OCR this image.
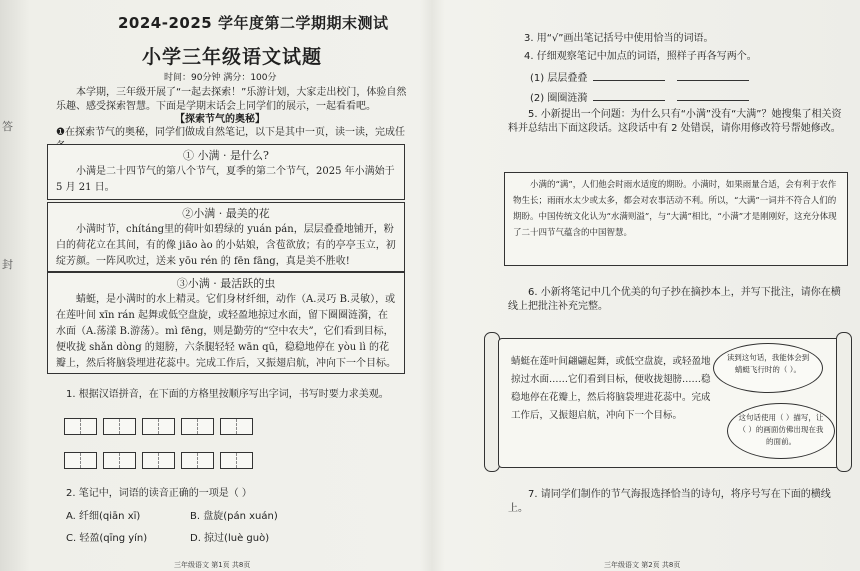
答
封
2024-2025 学年度第二学期期末测试
小学三年级语文试题
时间：90分钟 满分：100分
本学期，三年级开展了“一起去探索！”乐游计划，大家走出校门，体验自然乐趣、感受探索智慧。下面是学期末话会上同学们的展示，一起看看吧。
【探索节气的奥秘】
❶在探索节气的奥秘，同学们做成自然笔记，以下是其中一页，读一读，完成任
① 小满 · 是什么?
小满是二十四节气的第八个节气，夏季的第二个节气，2025 年小满始于 5 月 21 日。
②小满 · 最美的花
小满时节，chítáng里的荷叶如碧绿的 yuán pán，层层叠叠地铺开，粉白的荷花立在其间，有的像 jiāo ào 的小姑娘，含苞欲放；有的亭亭玉立，初绽芳颜。一阵风吹过，送来 yōu rén 的 fēn fāng，真是美不胜收!
③小满 · 最活跃的虫
蜻蜓，是小满时的水上精灵。它们身材纤细，动作（A.灵巧 B.灵敏），或在莲叶间 xīn rán 起舞或低空盘旋，或轻盈地掠过水面，留下圈圈涟漪，在水面（A.荡漾 B.游荡）。mì fēng，则是勤劳的“空中农夫”，它们看到目标，便收拢 shǎn dòng 的翅膀，六条腿轻轻 wān qū，稳稳地停在 yòu lì 的花瓣上，然后将脑袋埋进花蕊中。完成工作后，又振翅启航，冲向下一个目标。
1. 根据汉语拼音，在下面的方格里按顺序写出字词，书写时要力求美观。
2. 笔记中，词语的读音正确的一项是（ ）
A. 纤细(qiān xī)	B. 盘旋(pán xuán)
C. 轻盈(qīng yín)	D. 掠过(luè guò)
三年级语文 第1页 共8页
3. 用“√”画出笔记括号中使用恰当的词语。
4. 仔细观察笔记中加点的词语，照样子再各写两个。
(1) 层层叠叠
(2) 圈圈涟漪
5. 小新提出一个问题：为什么只有“小满”没有“大满”？她搜集了相关资料并总结出下面这段话。这段话中有 2 处错误，请你用修改符号帮她修改。
小满的“满”，人们他会时雨水适度的期盼。小满时，如果雨量合适，会有利于农作物生长；雨雨水太少或太多，都会对农事活动不利。所以，“大满”一词并不符合人们的期盼。中国传统文化认为“水满则溢”，与“大满”相比，“小满”才是刚刚好，这充分体现了二十四节气蕴含的中国智慧。
6. 小新将笔记中几个优美的句子抄在摘抄本上，并写下批注，请你在横线上把批注补充完整。
蜻蜓在莲叶间翩翩起舞，或低空盘旋，或轻盈地掠过水面……它们看到目标，便收拢翅膀……稳稳地停在花瓣上，然后将脑袋埋进花蕊中。完成工作后，又振翅启航，冲向下一个目标。
读到这句话，我能体会到蜻蜓飞行时的（ ）。
这句话使用（ ）描写，让（ ）的画面仿佛出现在我的面前。
7. 请同学们制作的节气海报选择恰当的诗句，将序号写在下面的横线上。
三年级语文 第2页 共8页
